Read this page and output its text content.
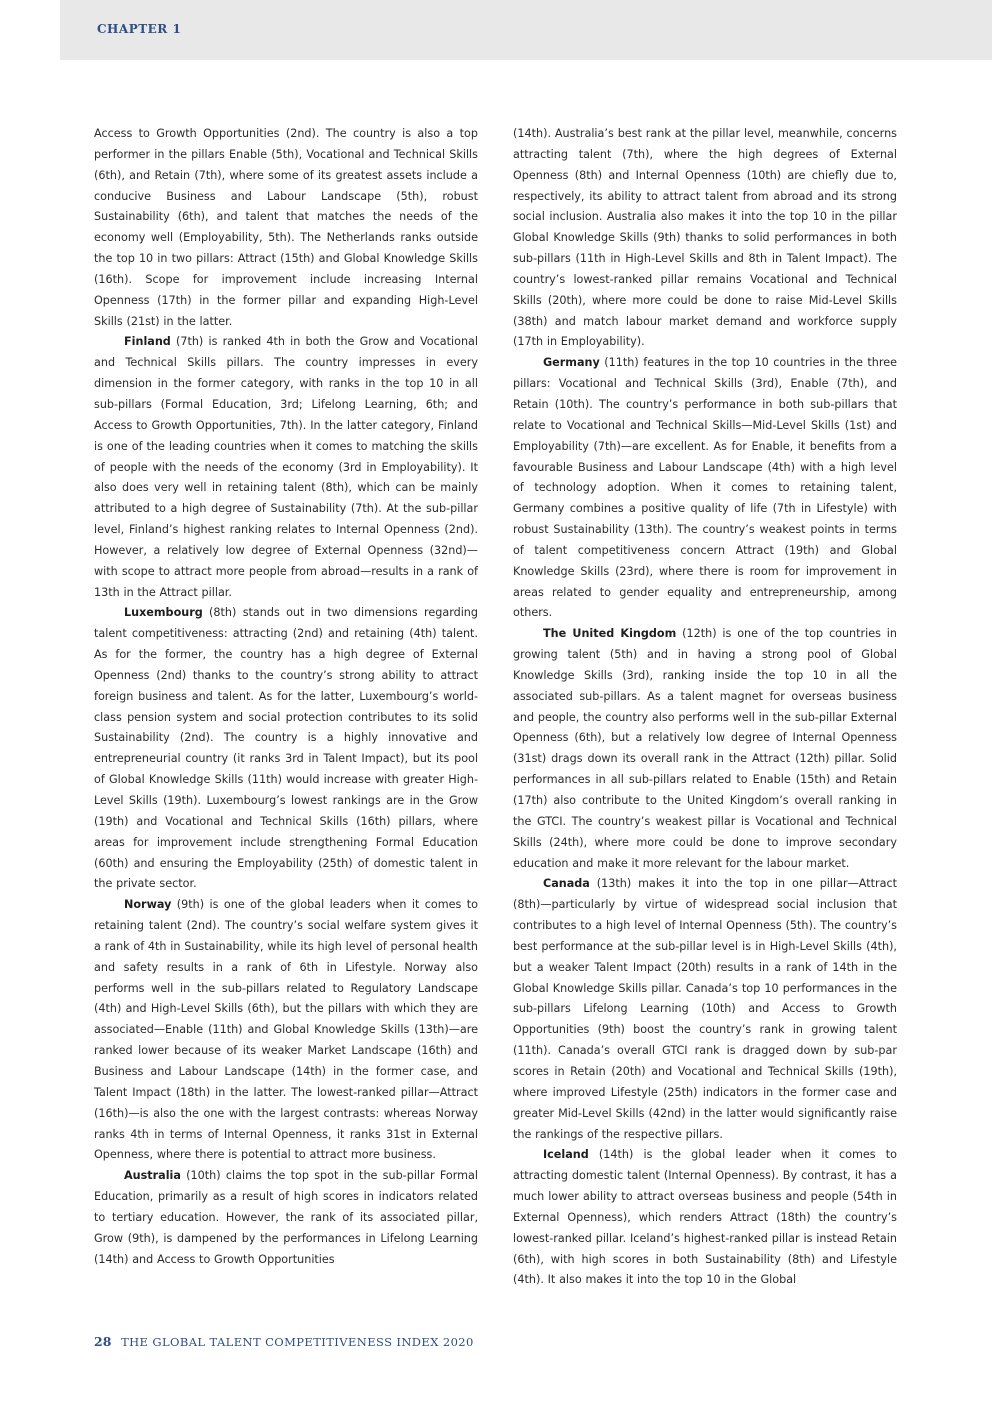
CHAPTER 1

Access to Growth Opportunities (2nd). The country is also a top performer in the pillars Enable (5th), Vocational and Technical Skills (6th), and Retain (7th), where some of its greatest assets include a conducive Business and Labour Landscape (5th), robust Sustainability (6th), and talent that matches the needs of the economy well (Employability, 5th). The Netherlands ranks outside the top 10 in two pillars: Attract (15th) and Global Knowledge Skills (16th). Scope for improvement include increasing Internal Openness (17th) in the former pillar and expanding High-Level Skills (21st) in the latter.

Finland (7th) is ranked 4th in both the Grow and Vocational and Technical Skills pillars. The country impresses in every dimension in the former category, with ranks in the top 10 in all sub-pillars (Formal Education, 3rd; Lifelong Learning, 6th; and Access to Growth Opportunities, 7th). In the latter category, Finland is one of the leading countries when it comes to matching the skills of people with the needs of the economy (3rd in Employability). It also does very well in retaining talent (8th), which can be mainly attributed to a high degree of Sustainability (7th). At the sub-pillar level, Finland’s highest ranking relates to Internal Openness (2nd). However, a relatively low degree of External Openness (32nd)—with scope to attract more people from abroad—results in a rank of 13th in the Attract pillar.

Luxembourg (8th) stands out in two dimensions regarding talent competitiveness: attracting (2nd) and retaining (4th) talent. As for the former, the country has a high degree of External Openness (2nd) thanks to the country’s strong ability to attract foreign business and talent. As for the latter, Luxembourg’s world-class pension system and social protection contributes to its solid Sustainability (2nd). The country is a highly innovative and entrepreneurial country (it ranks 3rd in Talent Impact), but its pool of Global Knowledge Skills (11th) would increase with greater High-Level Skills (19th). Luxembourg’s lowest rankings are in the Grow (19th) and Vocational and Technical Skills (16th) pillars, where areas for improvement include strengthening Formal Education (60th) and ensuring the Employability (25th) of domestic talent in the private sector.

Norway (9th) is one of the global leaders when it comes to retaining talent (2nd). The country’s social welfare system gives it a rank of 4th in Sustainability, while its high level of personal health and safety results in a rank of 6th in Lifestyle. Norway also performs well in the sub-pillars related to Regulatory Landscape (4th) and High-Level Skills (6th), but the pillars with which they are associated—Enable (11th) and Global Knowledge Skills (13th)—are ranked lower because of its weaker Market Landscape (16th) and Business and Labour Landscape (14th) in the former case, and Talent Impact (18th) in the latter. The lowest-ranked pillar—Attract (16th)—is also the one with the largest contrasts: whereas Norway ranks 4th in terms of Internal Openness, it ranks 31st in External Openness, where there is potential to attract more business.

Australia (10th) claims the top spot in the sub-pillar Formal Education, primarily as a result of high scores in indicators related to tertiary education. However, the rank of its associated pillar, Grow (9th), is dampened by the performances in Lifelong Learning (14th) and Access to Growth Opportunities

(14th). Australia’s best rank at the pillar level, meanwhile, concerns attracting talent (7th), where the high degrees of External Openness (8th) and Internal Openness (10th) are chiefly due to, respectively, its ability to attract talent from abroad and its strong social inclusion. Australia also makes it into the top 10 in the pillar Global Knowledge Skills (9th) thanks to solid performances in both sub-pillars (11th in High-Level Skills and 8th in Talent Impact). The country’s lowest-ranked pillar remains Vocational and Technical Skills (20th), where more could be done to raise Mid-Level Skills (38th) and match labour market demand and workforce supply (17th in Employability).

Germany (11th) features in the top 10 countries in the three pillars: Vocational and Technical Skills (3rd), Enable (7th), and Retain (10th). The country’s performance in both sub-pillars that relate to Vocational and Technical Skills—Mid-Level Skills (1st) and Employability (7th)—are excellent. As for Enable, it benefits from a favourable Business and Labour Landscape (4th) with a high level of technology adoption. When it comes to retaining talent, Germany combines a positive quality of life (7th in Lifestyle) with robust Sustainability (13th). The country’s weakest points in terms of talent competitiveness concern Attract (19th) and Global Knowledge Skills (23rd), where there is room for improvement in areas related to gender equality and entrepreneurship, among others.

The United Kingdom (12th) is one of the top countries in growing talent (5th) and in having a strong pool of Global Knowledge Skills (3rd), ranking inside the top 10 in all the associated sub-pillars. As a talent magnet for overseas business and people, the country also performs well in the sub-pillar External Openness (6th), but a relatively low degree of Internal Openness (31st) drags down its overall rank in the Attract (12th) pillar. Solid performances in all sub-pillars related to Enable (15th) and Retain (17th) also contribute to the United Kingdom’s overall ranking in the GTCI. The country’s weakest pillar is Vocational and Technical Skills (24th), where more could be done to improve secondary education and make it more relevant for the labour market.

Canada (13th) makes it into the top in one pillar—Attract (8th)—particularly by virtue of widespread social inclusion that contributes to a high level of Internal Openness (5th). The country’s best performance at the sub-pillar level is in High-Level Skills (4th), but a weaker Talent Impact (20th) results in a rank of 14th in the Global Knowledge Skills pillar. Canada’s top 10 performances in the sub-pillars Lifelong Learning (10th) and Access to Growth Opportunities (9th) boost the country’s rank in growing talent (11th). Canada’s overall GTCI rank is dragged down by sub-par scores in Retain (20th) and Vocational and Technical Skills (19th), where improved Lifestyle (25th) indicators in the former case and greater Mid-Level Skills (42nd) in the latter would significantly raise the rankings of the respective pillars.

Iceland (14th) is the global leader when it comes to attracting domestic talent (Internal Openness). By contrast, it has a much lower ability to attract overseas business and people (54th in External Openness), which renders Attract (18th) the country’s lowest-ranked pillar. Iceland’s highest-ranked pillar is instead Retain (6th), with high scores in both Sustainability (8th) and Lifestyle (4th). It also makes it into the top 10 in the Global

28 THE GLOBAL TALENT COMPETITIVENESS INDEX 2020
